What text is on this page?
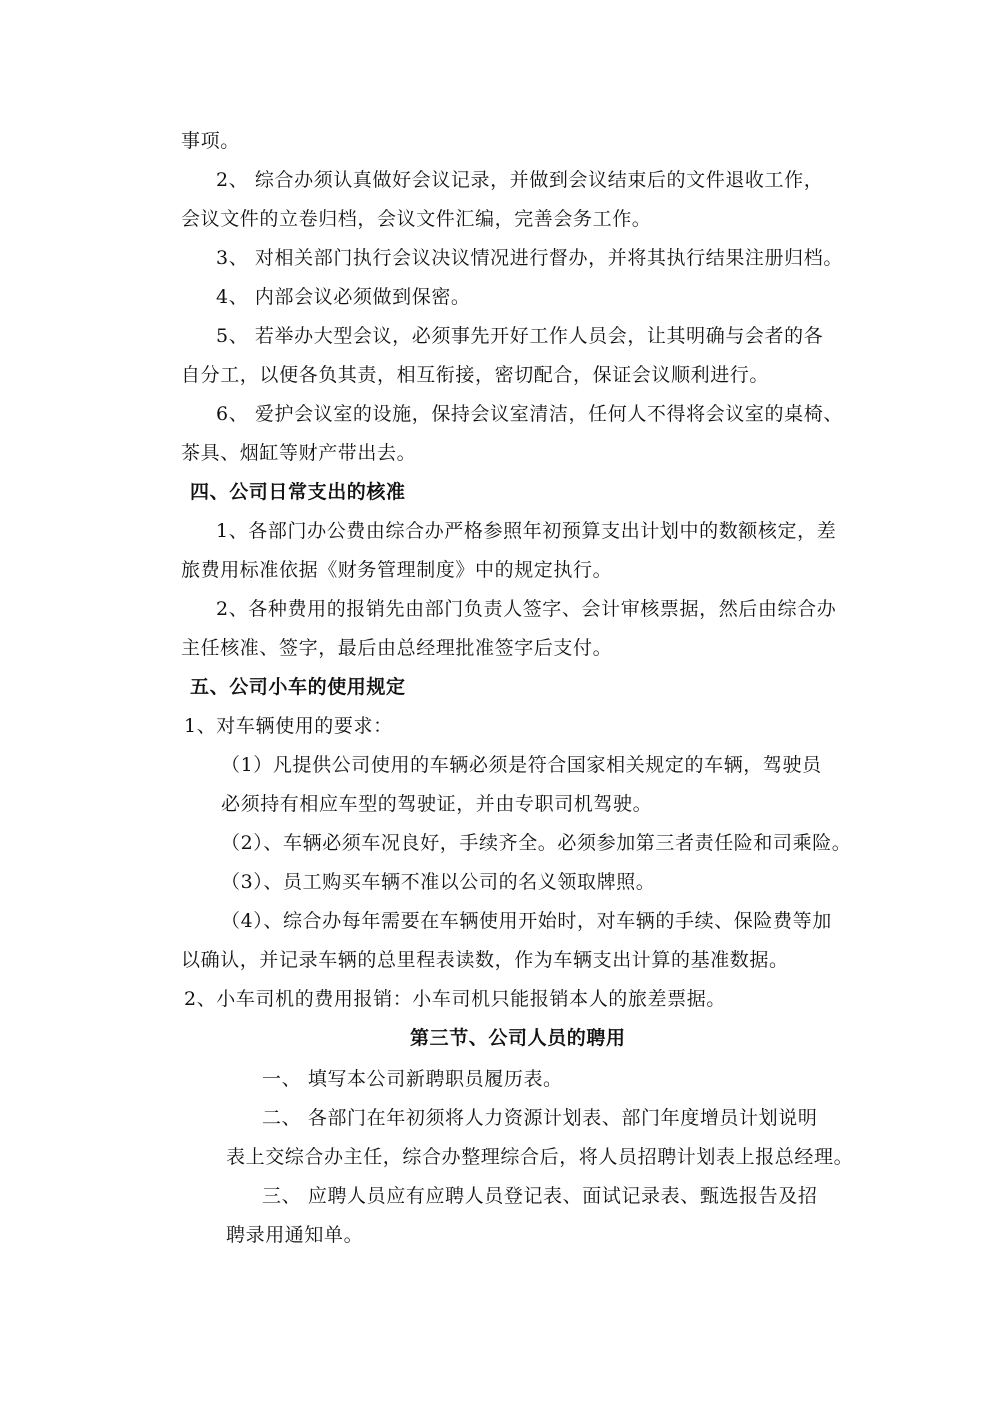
事项。
2、 综合办须认真做好会议记录，并做到会议结束后的文件退收工作，
会议文件的立卷归档，会议文件汇编，完善会务工作。
3、 对相关部门执行会议决议情况进行督办，并将其执行结果注册归档。
4、 内部会议必须做到保密。
5、 若举办大型会议，必须事先开好工作人员会，让其明确与会者的各
自分工，以便各负其责，相互衔接，密切配合，保证会议顺利进行。
6、 爱护会议室的设施，保持会议室清洁，任何人不得将会议室的桌椅、
茶具、烟缸等财产带出去。
四、公司日常支出的核准
1、各部门办公费由综合办严格参照年初预算支出计划中的数额核定，差
旅费用标准依据《财务管理制度》中的规定执行。
2、各种费用的报销先由部门负责人签字、会计审核票据，然后由综合办
主任核准、签字，最后由总经理批准签字后支付。
五、公司小车的使用规定
1、对车辆使用的要求：
（1）凡提供公司使用的车辆必须是符合国家相关规定的车辆，驾驶员
必须持有相应车型的驾驶证，并由专职司机驾驶。
（2）、车辆必须车况良好，手续齐全。必须参加第三者责任险和司乘险。
（3）、员工购买车辆不准以公司的名义领取牌照。
（4）、综合办每年需要在车辆使用开始时，对车辆的手续、保险费等加
以确认，并记录车辆的总里程表读数，作为车辆支出计算的基准数据。
2、小车司机的费用报销：小车司机只能报销本人的旅差票据。
第三节、公司人员的聘用
一、 填写本公司新聘职员履历表。
二、 各部门在年初须将人力资源计划表、部门年度增员计划说明
表上交综合办主任，综合办整理综合后，将人员招聘计划表上报总经理。
三、 应聘人员应有应聘人员登记表、面试记录表、甄选报告及招
聘录用通知单。
